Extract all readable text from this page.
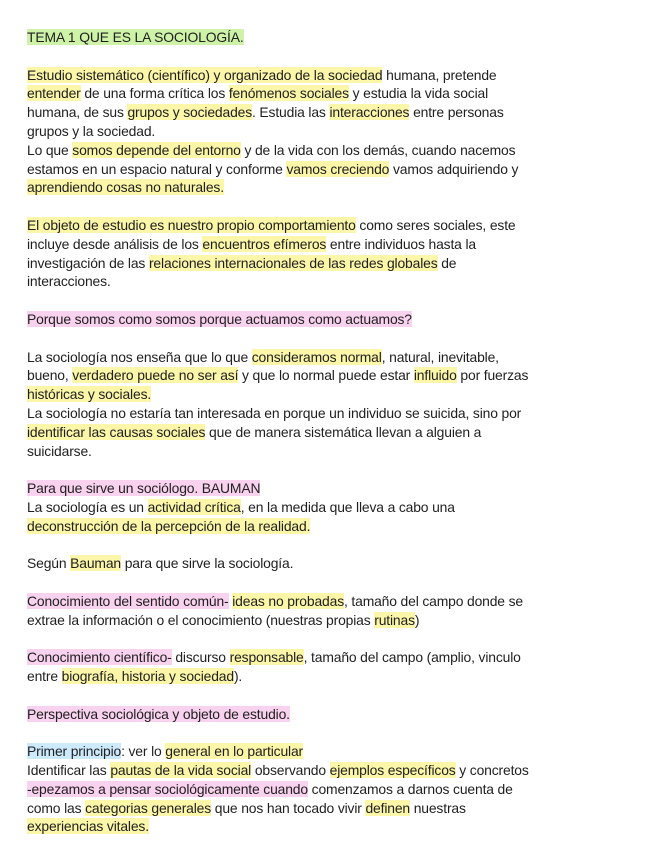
TEMA 1 QUE ES LA SOCIOLOGÍA.
Estudio sistemático (científico) y organizado de la sociedad humana, pretende
entender de una forma crítica los fenómenos sociales y estudia la vida social
humana, de sus grupos y sociedades. Estudia las interacciones entre personas
grupos y la sociedad.
Lo que somos depende del entorno y de la vida con los demás, cuando nacemos
estamos en un espacio natural y conforme vamos creciendo vamos adquiriendo y
aprendiendo cosas no naturales.
El objeto de estudio es nuestro propio comportamiento como seres sociales, este
incluye desde análisis de los encuentros efímeros entre individuos hasta la
investigación de las relaciones internacionales de las redes globales de
interacciones.
Porque somos como somos porque actuamos como actuamos?
La sociología nos enseña que lo que consideramos normal, natural, inevitable,
bueno, verdadero puede no ser así y que lo normal puede estar influido por fuerzas
históricas y sociales.
La sociología no estaría tan interesada en porque un individuo se suicida, sino por
identificar las causas sociales que de manera sistemática llevan a alguien a
suicidarse.
Para que sirve un sociólogo. BAUMAN
La sociología es un actividad crítica, en la medida que lleva a cabo una
deconstrucción de la percepción de la realidad.
Según Bauman para que sirve la sociología.
Conocimiento del sentido común- ideas no probadas, tamaño del campo donde se
extrae la información o el conocimiento (nuestras propias rutinas)
Conocimiento científico- discurso responsable, tamaño del campo (amplio, vinculo
entre biografía, historia y sociedad).
Perspectiva sociológica y objeto de estudio.
Primer principio: ver lo general en lo particular
Identificar las pautas de la vida social observando ejemplos específicos y concretos
-epezamos a pensar sociológicamente cuando comenzamos a darnos cuenta de
como las categorias generales que nos han tocado vivir definen nuestras
experiencias vitales.
